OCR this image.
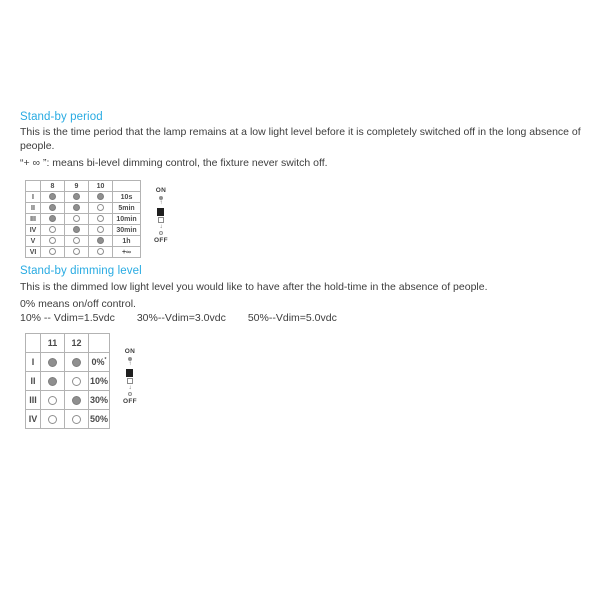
Stand-by period
This is the time period that the lamp remains at a low light level before it is completely switched off in the long absence of people.
“+ ∞ ”: means bi-level dimming control, the fixture never switch off.
	8	9	10	
I				10s
II				5min
III				10min
IV				30min
V				1h
VI				+∞
ON
↑
↓
OFF
Stand-by dimming level
This is the dimmed low light level you would like to have after the hold-time in the absence of people.
0% means on/off control.
10% -- Vdim=1.5vdc 30%--Vdim=3.0vdc 50%--Vdim=5.0vdc
	11	12	
I			0%*
II			10%
III			30%
IV			50%
ON
↑
↓
OFF
